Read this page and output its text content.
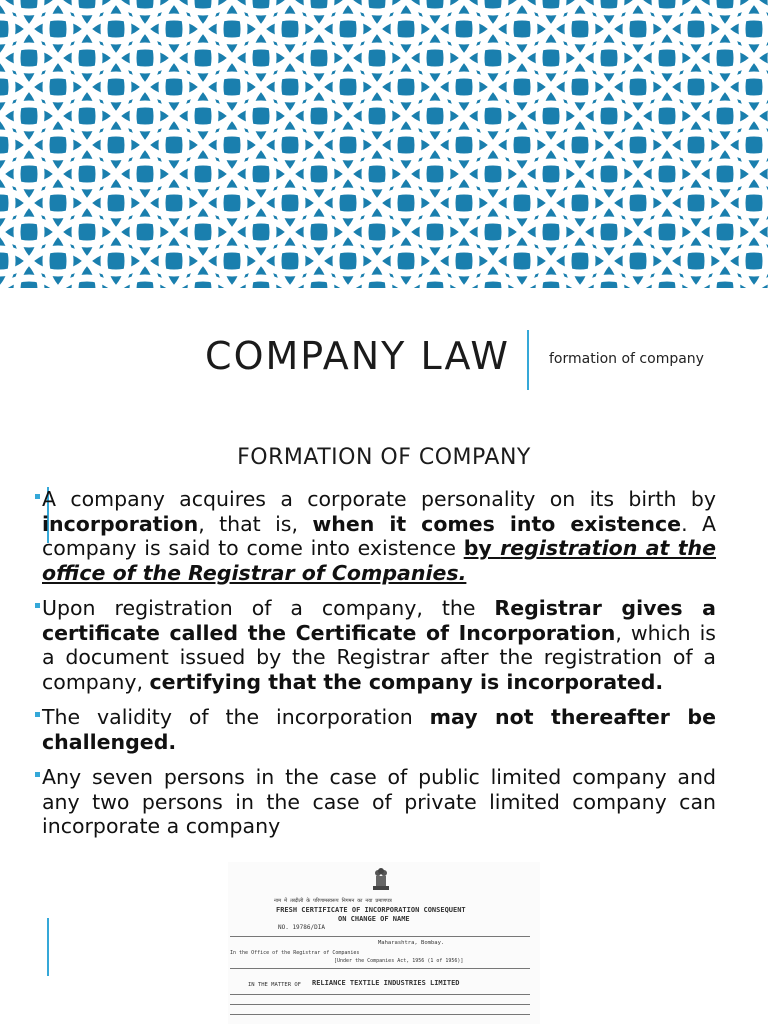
COMPANY LAW	formation of company
FORMATION OF COMPANY
A company acquires a corporate personality on its birth by incorporation, that is, when it comes into existence. A company is said to come into existence by registration at the office of the Registrar of Companies.
Upon registration of a company, the Registrar gives a certificate called the Certificate of Incorporation, which is a document issued by the Registrar after the registration of a company, certifying that the company is incorporated.
The validity of the incorporation may not thereafter be challenged.
Any seven persons in the case of public limited company and any two persons in the case of private limited company can incorporate a company
नाम में तब्दीली के परिणामस्वरूप निगमन का नया प्रमाणपत्र
FRESH CERTIFICATE OF INCORPORATION CONSEQUENT
ON CHANGE OF NAME
NO. 19786/DIA
Maharashtra, Bombay.
In the Office of the Registrar of Companies
[Under the Companies Act, 1956 (1 of 1956)]
IN THE MATTER OF RELIANCE TEXTILE INDUSTRIES LIMITED
